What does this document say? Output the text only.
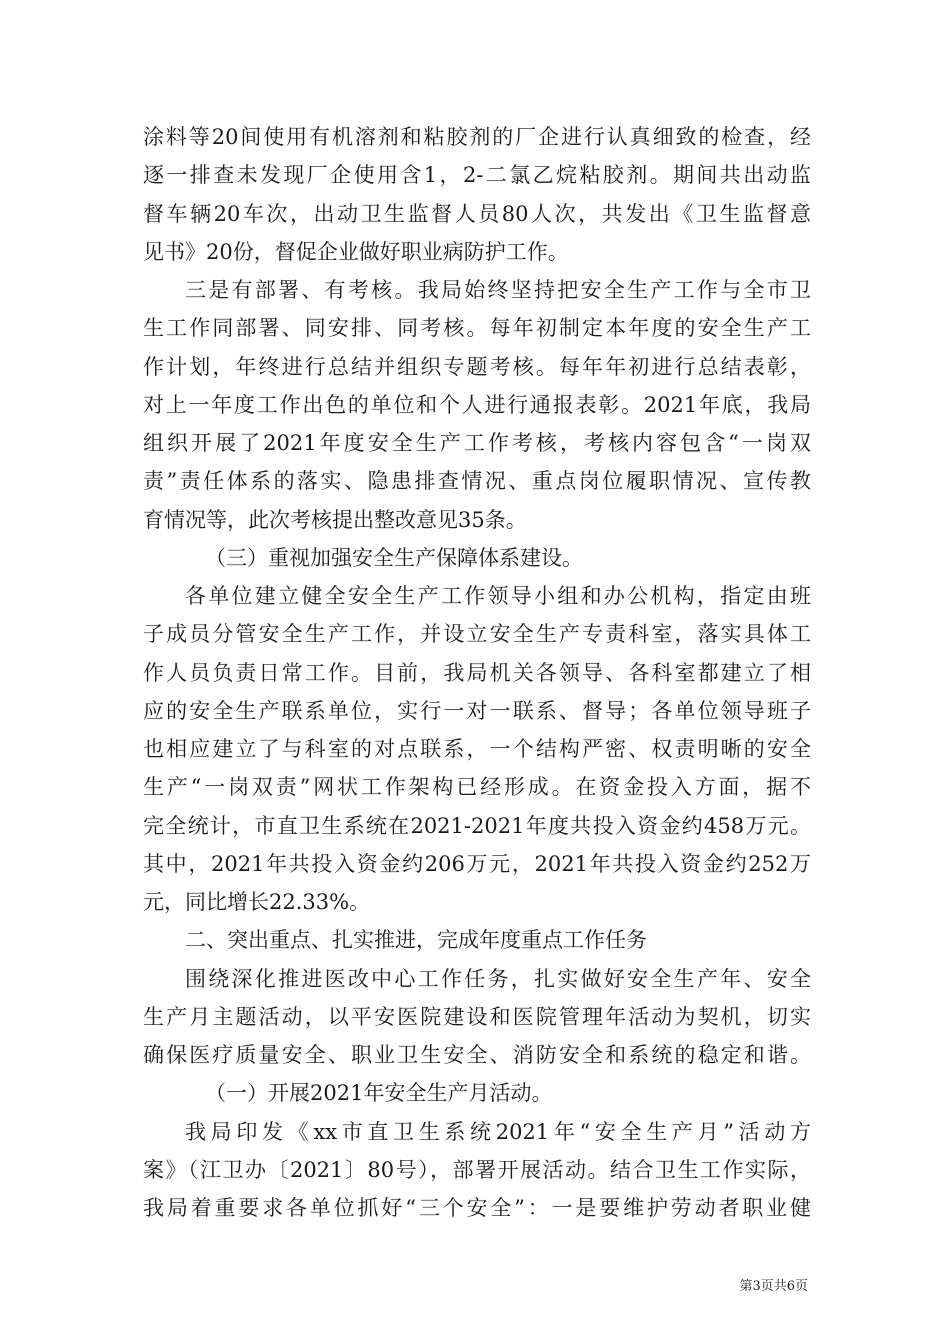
涂料等20间使用有机溶剂和粘胶剂的厂企进行认真细致的检查，经
逐一排查未发现厂企使用含1，2-二氯乙烷粘胶剂。期间共出动监
督车辆20车次，出动卫生监督人员80人次，共发出《卫生监督意
见书》20份，督促企业做好职业病防护工作。
三是有部署、有考核。我局始终坚持把安全生产工作与全市卫
生工作同部署、同安排、同考核。每年初制定本年度的安全生产工
作计划，年终进行总结并组织专题考核。每年年初进行总结表彰，
对上一年度工作出色的单位和个人进行通报表彰。2021年底，我局
组织开展了2021年度安全生产工作考核，考核内容包含“一岗双
责”责任体系的落实、隐患排查情况、重点岗位履职情况、宣传教
育情况等，此次考核提出整改意见35条。
（三）重视加强安全生产保障体系建设。
各单位建立健全安全生产工作领导小组和办公机构，指定由班
子成员分管安全生产工作，并设立安全生产专责科室，落实具体工
作人员负责日常工作。目前，我局机关各领导、各科室都建立了相
应的安全生产联系单位，实行一对一联系、督导；各单位领导班子
也相应建立了与科室的对点联系，一个结构严密、权责明晰的安全
生产“一岗双责”网状工作架构已经形成。在资金投入方面，据不
完全统计，市直卫生系统在2021-2021年度共投入资金约458万元。
其中，2021年共投入资金约206万元，2021年共投入资金约252万
元，同比增长22.33%。
二、突出重点、扎实推进，完成年度重点工作任务
围绕深化推进医改中心工作任务，扎实做好安全生产年、安全
生产月主题活动，以平安医院建设和医院管理年活动为契机，切实
确保医疗质量安全、职业卫生安全、消防安全和系统的稳定和谐。
（一）开展2021年安全生产月活动。
我局印发《xx市直卫生系统2021年“安全生产月”活动方
案》（江卫办〔2021〕80号），部署开展活动。结合卫生工作实际，
我局着重要求各单位抓好“三个安全”：一是要维护劳动者职业健
第3页共6页
